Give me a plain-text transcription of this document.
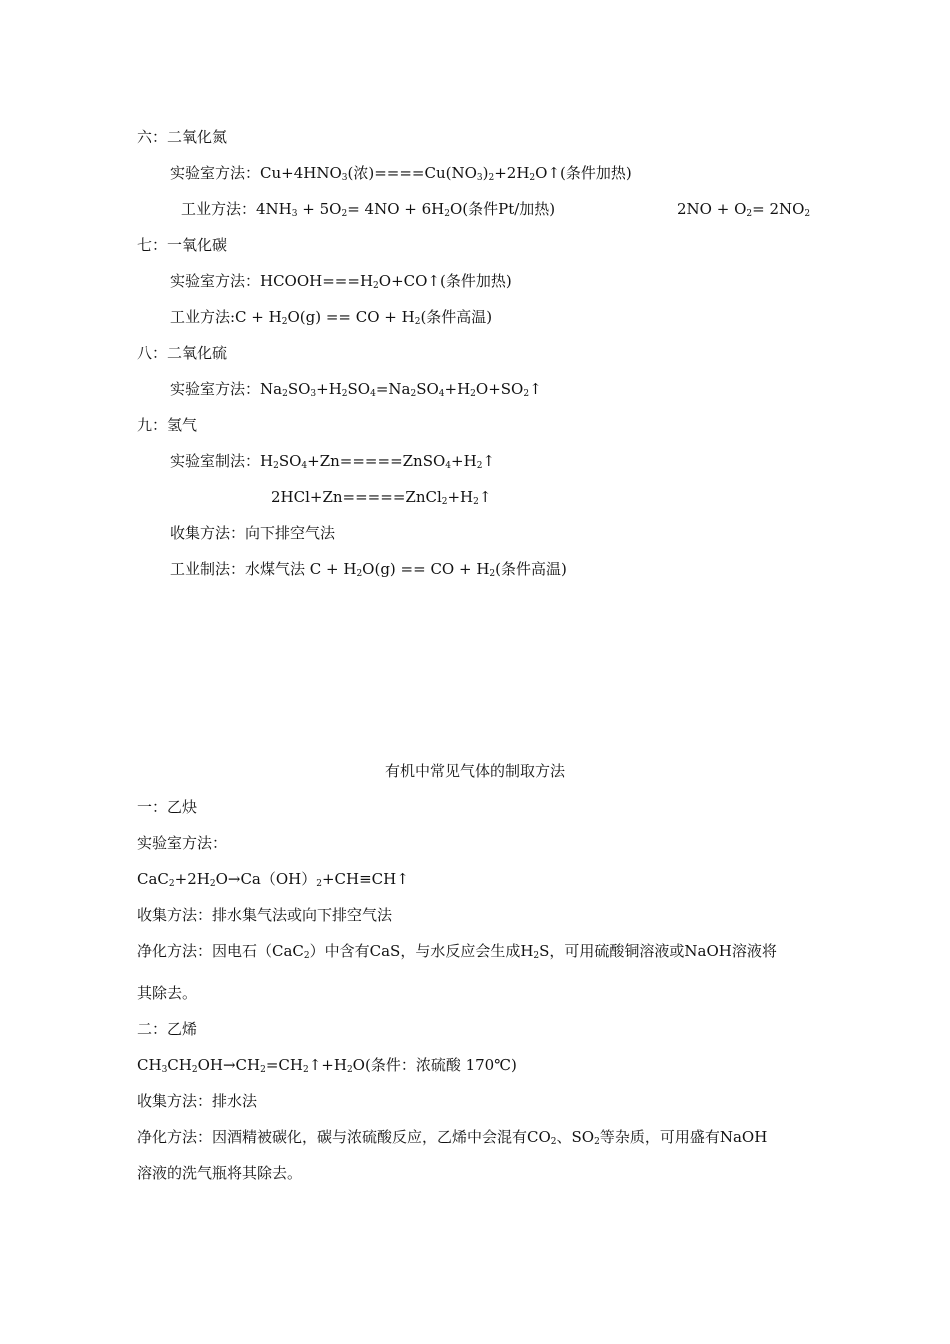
六：二氧化氮
实验室方法：$Cu+4HNO_3$(浓)$====Cu(NO_3)_2+2H_2O↑$(条件加热)
工业方法：$4NH_3 + 5O_2= 4NO + 6H_2O$(条件Pt/加热)	$2NO + O_2= 2NO_2$
七：一氧化碳
实验室方法：$HCOOH===H_2O+CO↑$(条件加热)
工业方法:C + $H_2O(g)$ == CO + $H_2$(条件高温)
八：二氧化硫
实验室方法：$Na_2SO_3+H_2SO_4=Na_2SO_4+H_2O+SO_2↑$
九：氢气
实验室制法：$H_2SO_4+Zn=====ZnSO_4+H_2↑$
$2HCl+Zn=====ZnCl_2+H_2↑$
收集方法：向下排空气法
工业制法：水煤气法 $C + H_2O(g)$ == CO + $H_2$(条件高温)
有机中常见气体的制取方法
一：乙炔
实验室方法：
$CaC_2+2H_2O\to Ca(OH)_2+CH\equiv CH↑$
收集方法：排水集气法或向下排空气法
净化方法：因电石（CaC$_2$）中含有CaS，与水反应会生成$H_2S$，可用硫酸铜溶液或NaOH溶液将
其除去。
二：乙烯
$CH_3CH_2OH\to CH_2=CH_2↑+H_2O$(条件：浓硫酸 170℃)
收集方法：排水法
净化方法：因酒精被碳化，碳与浓硫酸反应，乙烯中会混有$CO_2$、$SO_2$等杂质，可用盛有NaOH
溶液的洗气瓶将其除去。
